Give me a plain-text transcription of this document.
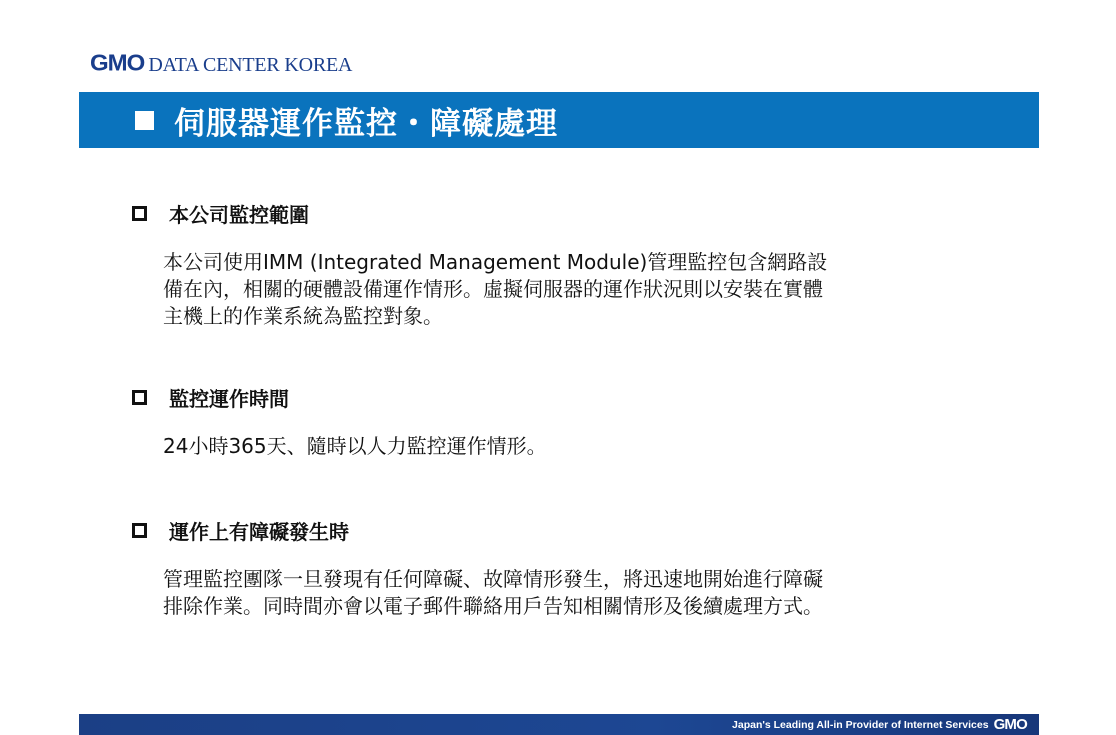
GMO DATA CENTER KOREA
伺服器運作監控・障礙處理
本公司監控範圍
本公司使用IMM (Integrated Management Module)管理監控包含網路設
備在內，相關的硬體設備運作情形。虛擬伺服器的運作狀況則以安裝在實體
主機上的作業系統為監控對象。
監控運作時間
24小時365天、隨時以人力監控運作情形。
運作上有障礙發生時
管理監控團隊一旦發現有任何障礙、故障情形發生，將迅速地開始進行障礙
排除作業。同時間亦會以電子郵件聯絡用戶告知相關情形及後續處理方式。
Japan's Leading All-in Provider of Internet Services GMO
